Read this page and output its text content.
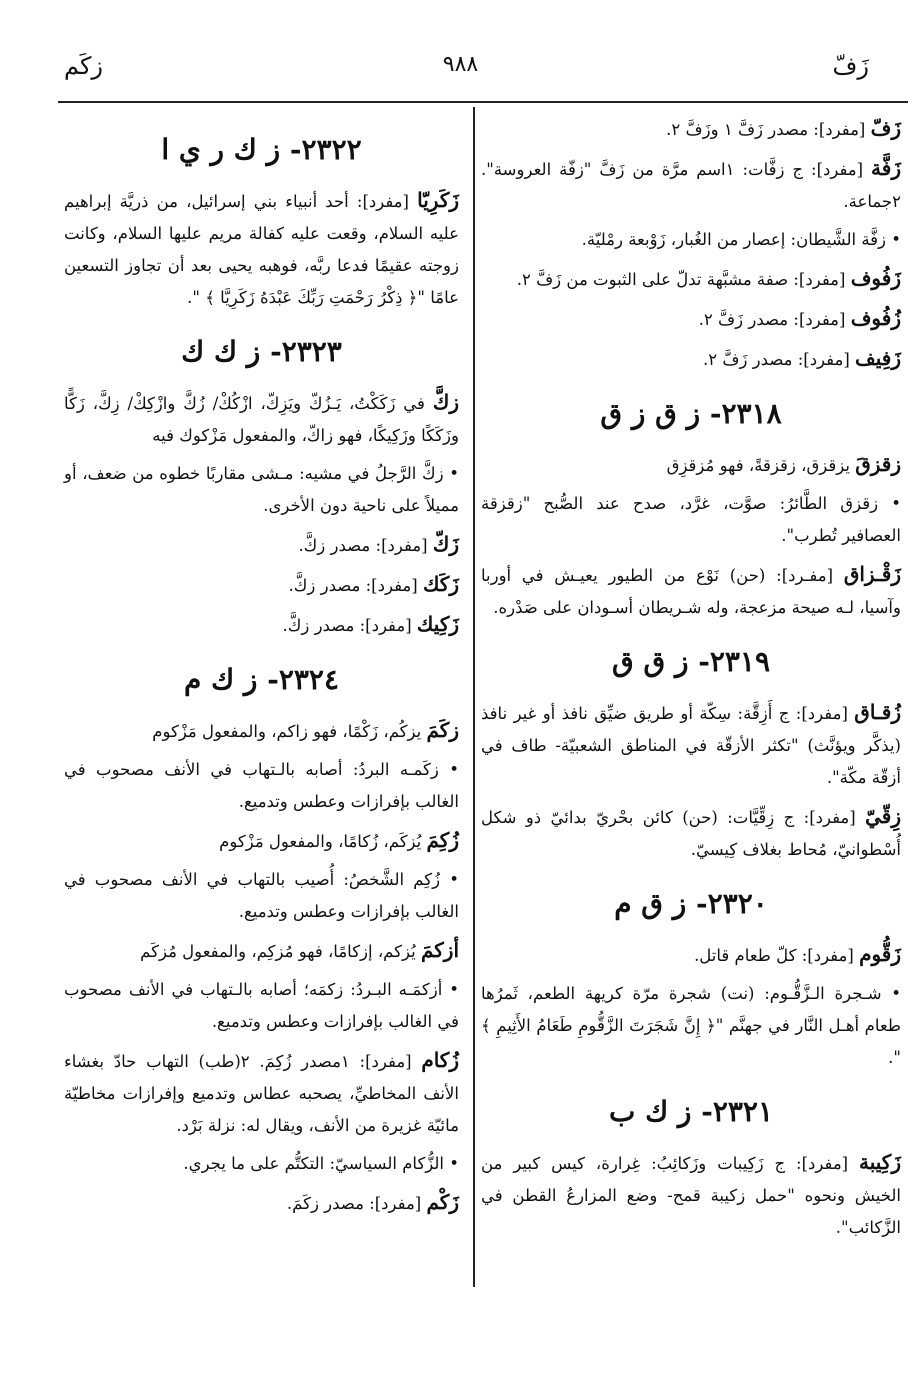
زَفّ
٩٨٨
زكَم
زَفّ [مفرد]: مصدر زَفَّ ۱ وزَفَّ ۲.
زَفَّة [مفرد]: ج زفَّات: ١اسم مرَّة من زَفَّ "زفّة العروسة". ٢جماعة.
• زفَّة الشَّيطان: إعصار من الغُبار، زَوْبعة رمْليّة.
زَفُوف [مفرد]: صفة مشبَّهة تدلّ على الثبوت من زَفَّ ۲.
زُفُوف [مفرد]: مصدر زَفَّ ۲.
زَفِيف [مفرد]: مصدر زَفَّ ۲.
٢٣١٨- ز ق ز ق
زقزقَ يزقزق، زقزقةً، فهو مُزقزِق
• زقزق الطَّائرُ: صوَّت، غرَّد، صدح عند الصُّبح "زقزقة العصافير تُطرب".
زَقْـزاق [مفـرد]: (حن) نَوْع من الطيور يعيـش في أوربا وآسيا، لـه صيحة مزعجة، وله شـريطان أسـودان على صَدْره.
٢٣١٩- ز ق ق
زُقـاق [مفرد]: ج أَزِقَّة: سِكّة أو طريق ضيِّق نافذ أو غير نافذ (يذكَّر ويؤنَّث) "تكثر الأزقّة في المناطق الشعبيّة- طاف في أزقّة مكّة".
زِقّيّ [مفرد]: ج زِقِّيَّات: (حن) كائن بحْريّ بدائيّ ذو شكل أُسْطوانيّ، مُحاط بغلاف كِيسيّ.
٢٣٢٠- ز ق م
زَقُّوم [مفرد]: كلّ طعام قاتل.
• شـجرة الـزَّقُّـوم: (نت) شجرة مرّة كريهة الطعم، ثَمرُها طعام أهـل النَّار في جهنَّم "﴿ إِنَّ شَجَرَتَ الزَّقُّومِ طَعَامُ الأَثِيمِ ﴾ ".
٢٣٢١- ز ك ب
زَكِيبة [مفرد]: ج زَكِيبات وزَكائِبُ: غِرارة، كيس كبير من الخيش ونحوه "حمل زكيبة قمح- وضع المزارعُ القطن في الزَّكائب".
٢٣٢٢- ز ك ر ي ا
زَكَرِيّا [مفرد]: أحد أنبياء بني إسرائيل، من ذريَّة إبراهيم عليه السلام، وقعت عليه كفالة مريم عليها السلام، وكانت زوجته عقيمًا فدعا ربَّه، فوهبه يحيى بعد أن تجاوز التسعين عامًا "﴿ ذِكْرُ رَحْمَتِ رَبِّكَ عَبْدَهُ زَكَرِيَّا ﴾ ".
٢٣٢٣- ز ك ك
زكَّ في زَكَكْتُ، يَـزُكّ ويَزِكّ، ازْكُكْ/ زُكَّ وازْكِكْ/ زِكَّ، زَكًّا وزَكَكًا وزَكِيكًا، فهو زاكّ، والمفعول مَزْكوك فيه
• زكَّ الرَّجلُ في مشيه: مـشى مقاربًا خطوه من ضعف، أو مميلاً على ناحية دون الأخرى.
زَكّ [مفرد]: مصدر زكَّ.
زَكَك [مفرد]: مصدر زكَّ.
زَكِيك [مفرد]: مصدر زكَّ.
٢٣٢٤- ز ك م
زكَمَ يزكُم، زَكْمًا، فهو زاكم، والمفعول مَزْكوم
• زكَمـه البردُ: أصابه بالـتهاب في الأنف مصحوب في الغالب بإفرازات وعطس وتدميع.
زُكِمَ يُزكَم، زُكامًا، والمفعول مَزْكوم
• زُكِم الشَّخصُ: أُصيب بالتهاب في الأنف مصحوب في الغالب بإفرازات وعطس وتدميع.
أزكمَ يُزكم، إزكامًا، فهو مُزكِم، والمفعول مُزكَم
• أزكمَـه البـردُ: زكمَه؛ أصابه بالـتهاب في الأنف مصحوب في الغالب بإفرازات وعطس وتدميع.
زُكام [مفرد]: ١مصدر زُكِمَ. ٢(طب) التهاب حادّ بغشاء الأنف المخاطيِّ، يصحبه عطاس وتدميع وإفرازات مخاطيّة مائيّة غزيرة من الأنف، ويقال له: نزلة بَرْد.
• الزُّكام السياسيّ: التكتُّم على ما يجري.
زَكْم [مفرد]: مصدر زكَمَ.
